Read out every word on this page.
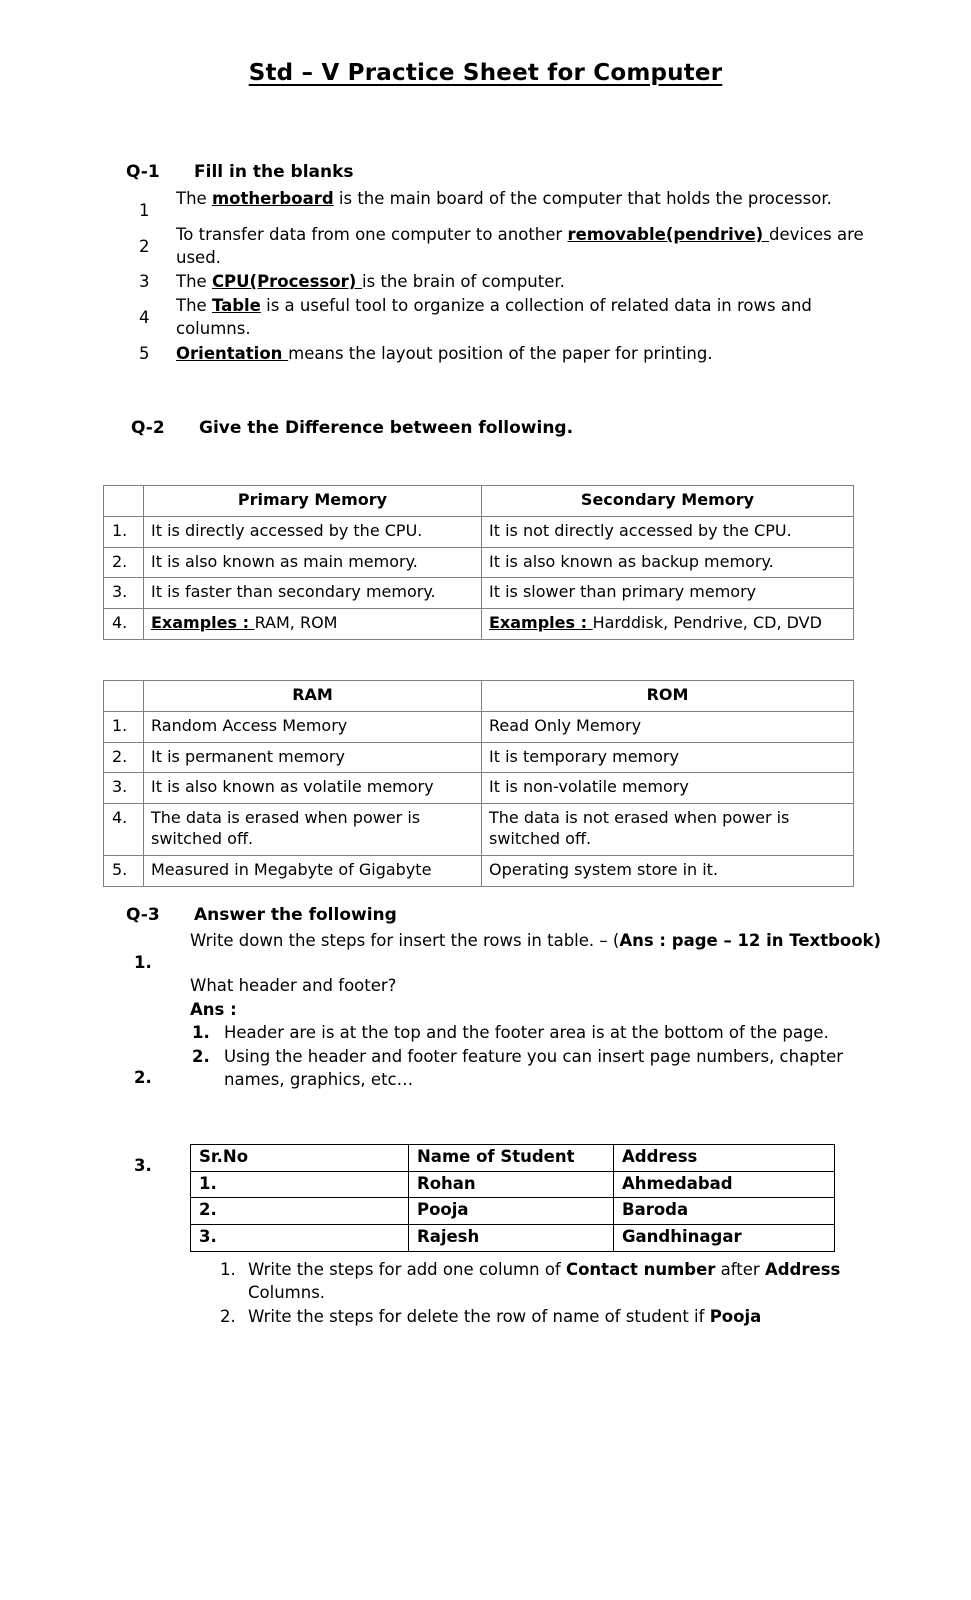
Std – V Practice Sheet for Computer
Q-1	Fill in the blanks
1
The motherboard is the main board of the computer that holds the processor.
2
To transfer data from one computer to another removable(pendrive) devices are used.
3	The CPU(Processor) is the brain of computer.
4
The Table is a useful tool to organize a collection of related data in rows and columns.
5	Orientation means the layout position of the paper for printing.
Q-2	Give the Difference between following.
	Primary Memory	Secondary Memory
1.	It is directly accessed by the CPU.	It is not directly accessed by the CPU.
2.	It is also known as main memory.	It is also known as backup memory.
3.	It is faster than secondary memory.	It is slower than primary memory
4.	Examples : RAM, ROM	Examples : Harddisk, Pendrive, CD, DVD
	RAM	ROM
1.	Random Access Memory	Read Only Memory
2.	It is permanent memory	It is temporary memory
3.	It is also known as volatile memory	It is non-volatile memory
4.	The data is erased when power is switched off.	The data is not erased when power is switched off.
5.	Measured in Megabyte of Gigabyte	Operating system store in it.
Q-3	Answer the following
1.
Write down the steps for insert the rows in table. – (Ans : page – 12 in Textbook)
2.
What header and footer?
Ans :
1. Header are is at the top and the footer area is at the bottom of the page.
2. Using the header and footer feature you can insert page numbers, chapter names, graphics, etc…
3.	Sr.No	Name of Student	Address
1.	Rohan	Ahmedabad
2.	Pooja	Baroda
3.	Rajesh	Gandhinagar
1. Write the steps for add one column of Contact number after Address Columns.
2. Write the steps for delete the row of name of student if Pooja
